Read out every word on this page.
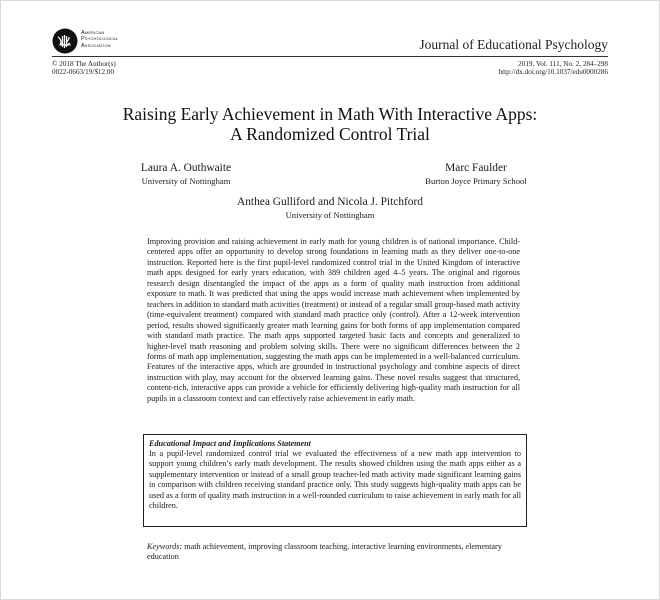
American
Psychological
Association	Journal of Educational Psychology
© 2018 The Author(s)
0022-0663/19/$12.00
2019, Vol. 111, No. 2, 284–298
http://dx.doi.org/10.1037/edu0000286
Raising Early Achievement in Math With Interactive Apps:
A Randomized Control Trial
Laura A. Outhwaite
University of Nottingham
Marc Faulder
Burton Joyce Primary School
Anthea Gulliford and Nicola J. Pitchford
University of Nottingham
Improving provision and raising achievement in early math for young children is of national importance. Child-centered apps offer an opportunity to develop strong foundations in learning math as they deliver one-to-one instruction. Reported here is the first pupil-level randomized control trial in the United Kingdom of interactive math apps designed for early years education, with 389 children aged 4–5 years. The original and rigorous research design disentangled the impact of the apps as a form of quality math instruction from additional exposure to math. It was predicted that using the apps would increase math achievement when implemented by teachers in addition to standard math activities (treatment) or instead of a regular small group-based math activity (time-equivalent treatment) compared with standard math practice only (control). After a 12-week intervention period, results showed significantly greater math learning gains for both forms of app implementation compared with standard math practice. The math apps supported targeted basic facts and concepts and generalized to higher-level math reasoning and problem solving skills. There were no significant differences between the 2 forms of math app implementation, suggesting the math apps can be implemented in a well-balanced curriculum. Features of the interactive apps, which are grounded in instructional psychology and combine aspects of direct instruction with play, may account for the observed learning gains. These novel results suggest that structured, content-rich, interactive apps can provide a vehicle for efficiently delivering high-quality math instruction for all pupils in a classroom context and can effectively raise achievement in early math.
Educational Impact and Implications Statement
In a pupil-level randomized control trial we evaluated the effectiveness of a new math app intervention to support young children’s early math development. The results showed children using the math apps either as a supplementary intervention or instead of a small group teacher-led math activity made significant learning gains in comparison with children receiving standard practice only. This study suggests high-quality math apps can be used as a form of quality math instruction in a well-rounded curriculum to raise achievement in early math for all children.
Keywords: math achievement, improving classroom teaching, interactive learning environments, elementary education
